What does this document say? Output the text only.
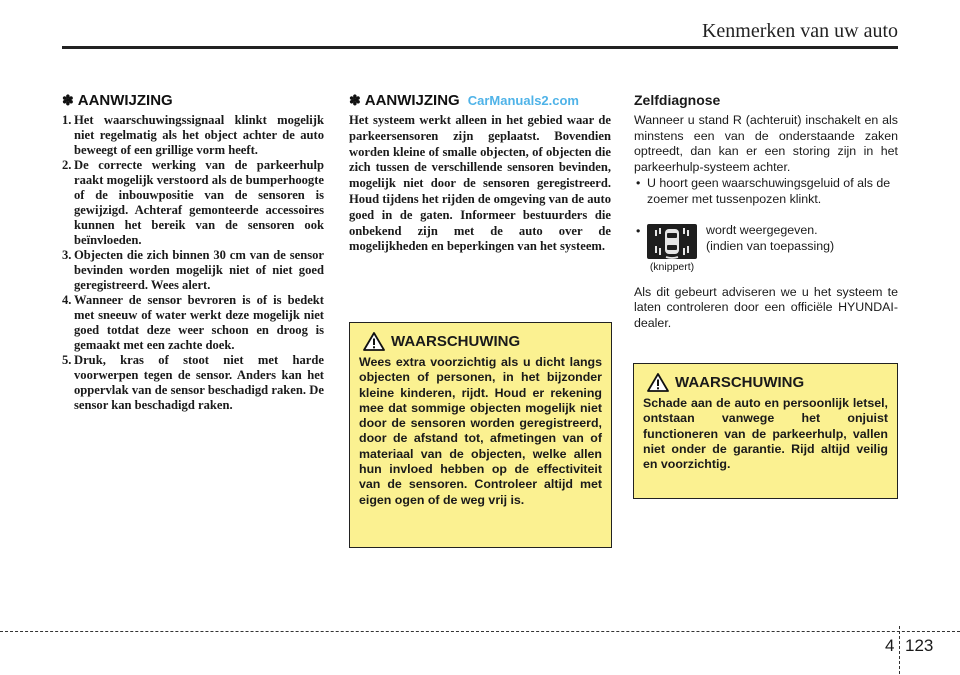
Kenmerken van uw auto
✽ AANWIJZING
1. Het waarschuwingssignaal klinkt mogelijk niet regelmatig als het object achter de auto beweegt of een grillige vorm heeft.
2. De correcte werking van de parkeerhulp raakt mogelijk verstoord als de bumperhoogte of de inbouwpositie van de sensoren is gewijzigd. Achteraf gemonteerde accessoires kunnen het bereik van de sensoren ook beïnvloeden.
3. Objecten die zich binnen 30 cm van de sensor bevinden worden mogelijk niet of niet goed geregistreerd. Wees alert.
4. Wanneer de sensor bevroren is of is bedekt met sneeuw of water werkt deze mogelijk niet goed totdat deze weer schoon en droog is gemaakt met een zachte doek.
5. Druk, kras of stoot niet met harde voorwerpen tegen de sensor. Anders kan het oppervlak van de sensor beschadigd raken. De sensor kan beschadigd raken.
✽ AANWIJZING CarManuals2.com

Het systeem werkt alleen in het gebied waar de parkeersensoren zijn geplaatst. Bovendien worden kleine of smalle objecten, of objecten die zich tussen de verschillende sensoren bevinden, mogelijk niet door de sensoren geregistreerd. Houd tijdens het rijden de omgeving van de auto goed in de gaten. Informeer bestuurders die onbekend zijn met de auto over de mogelijkheden en beperkingen van het systeem.

WAARSCHUWING

Wees extra voorzichtig als u dicht langs objecten of personen, in het bijzonder kleine kinderen, rijdt. Houd er rekening mee dat sommige objecten mogelijk niet door de sensoren worden geregistreerd, door de afstand tot, afmetingen van of materiaal van de objecten, welke allen hun invloed hebben op de effectiviteit van de sensoren. Controleer altijd met eigen ogen of de weg vrij is.

Zelfdiagnose

Wanneer u stand R (achteruit) inschakelt en als minstens een van de onderstaande zaken optreedt, dan kan er een storing zijn in het parkeerhulp-systeem achter.

• U hoort geen waarschuwingsgeluid of als de zoemer met tussenpozen klinkt.
•
(knippert)
wordt weergegeven.
(indien van toepassing)

Als dit gebeurt adviseren we u het systeem te laten controleren door een officiële HYUNDAI-dealer.

WAARSCHUWING

Schade aan de auto en persoonlijk letsel, ontstaan vanwege het onjuist functioneren van de parkeerhulp, vallen niet onder de garantie. Rijd altijd veilig en voorzichtig.

4 123
